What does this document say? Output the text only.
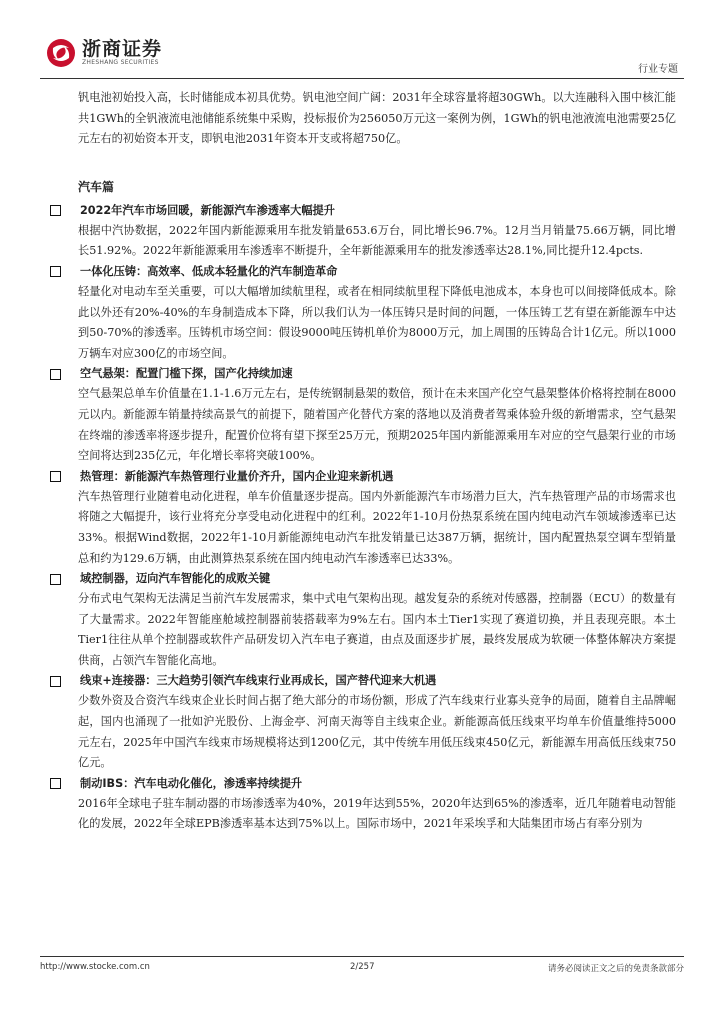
浙商证券
ZHESHANG SECURITIES
行业专题

钒电池初始投入高，长时储能成本初具优势。钒电池空间广阔：2031年全球容量将超30GWh。以大连融科入围中核汇能共1GWh的全钒液流电池储能系统集中采购，投标报价为256050万元这一案例为例，1GWh的钒电池液流电池需要25亿元左右的初始资本开支，即钒电池2031年资本开支或将超750亿。

汽车篇
2022年汽车市场回暖，新能源汽车渗透率大幅提升

根据中汽协数据，2022年国内新能源乘用车批发销量653.6万台，同比增长96.7%。12月当月销量75.66万辆，同比增长51.92%。2022年新能源乘用车渗透率不断提升，全年新能源乘用车的批发渗透率达28.1%,同比提升12.4pcts.

一体化压铸：高效率、低成本轻量化的汽车制造革命

轻量化对电动车至关重要，可以大幅增加续航里程，或者在相同续航里程下降低电池成本，本身也可以间接降低成本。除此以外还有20%-40%的车身制造成本下降，所以我们认为一体压铸只是时间的问题，一体压铸工艺有望在新能源车中达到50-70%的渗透率。压铸机市场空间：假设9000吨压铸机单价为8000万元，加上周围的压铸岛合计1亿元。所以1000万辆车对应300亿的市场空间。

空气悬架：配置门槛下探，国产化持续加速

空气悬架总单车价值量在1.1-1.6万元左右，是传统钢制悬架的数倍，预计在未来国产化空气悬架整体价格将控制在8000元以内。新能源车销量持续高景气的前提下，随着国产化替代方案的落地以及消费者驾乘体验升级的新增需求，空气悬架在终端的渗透率将逐步提升，配置价位将有望下探至25万元，预期2025年国内新能源乘用车对应的空气悬架行业的市场空间将达到235亿元，年化增长率将突破100%。

热管理：新能源汽车热管理行业量价齐升，国内企业迎来新机遇

汽车热管理行业随着电动化进程，单车价值量逐步提高。国内外新能源汽车市场潜力巨大，汽车热管理产品的市场需求也将随之大幅提升，该行业将充分享受电动化进程中的红利。2022年1-10月份热泵系统在国内纯电动汽车领域渗透率已达33%。根据Wind数据，2022年1-10月新能源纯电动汽车批发销量已达387万辆，据统计，国内配置热泵空调车型销量总和约为129.6万辆，由此测算热泵系统在国内纯电动汽车渗透率已达33%。

域控制器，迈向汽车智能化的成败关键

分布式电气架构无法满足当前汽车发展需求，集中式电气架构出现。越发复杂的系统对传感器，控制器（ECU）的数量有了大量需求。2022年智能座舱域控制器前装搭载率为9%左右。国内本土Tier1实现了赛道切换，并且表现亮眼。本土Tier1往往从单个控制器或软件产品研发切入汽车电子赛道，由点及面逐步扩展，最终发展成为软硬一体整体解决方案提供商，占领汽车智能化高地。

线束+连接器：三大趋势引领汽车线束行业再成长，国产替代迎来大机遇

少数外资及合资汽车线束企业长时间占据了绝大部分的市场份额，形成了汽车线束行业寡头竞争的局面，随着自主品牌崛起，国内也涌现了一批如沪光股份、上海金亭、河南天海等自主线束企业。新能源高低压线束平均单车价值量维持5000元左右，2025年中国汽车线束市场规模将达到1200亿元，其中传统车用低压线束450亿元，新能源车用高低压线束750亿元。

制动IBS：汽车电动化催化，渗透率持续提升

2016年全球电子驻车制动器的市场渗透率为40%，2019年达到55%，2020年达到65%的渗透率，近几年随着电动智能化的发展，2022年全球EPB渗透率基本达到75%以上。国际市场中，2021年采埃孚和大陆集团市场占有率分别为

http://www.stocke.com.cn	2/257	请务必阅读正文之后的免责条款部分
